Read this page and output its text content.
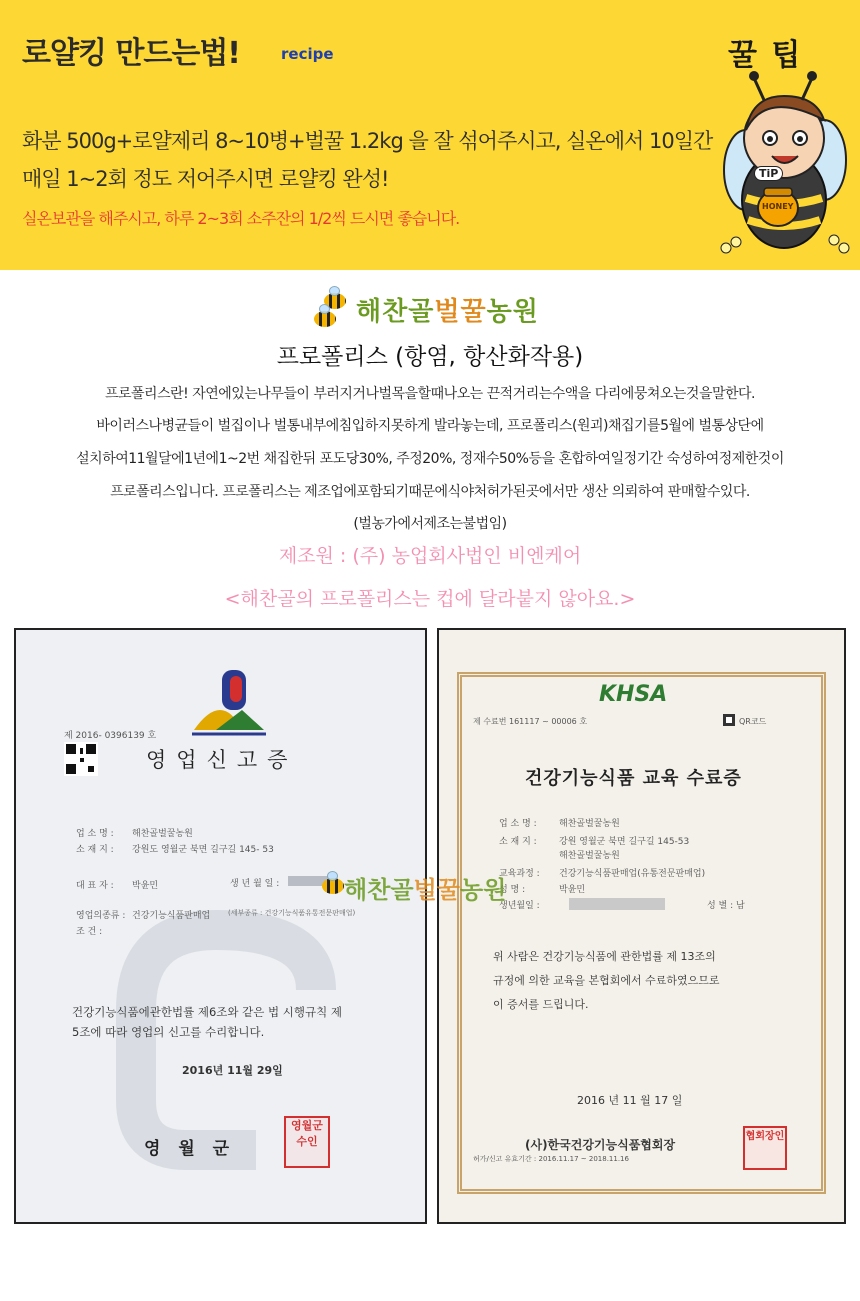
로얄킹 만드는법!	recipe
화분 500g+로얄제리 8~10병+벌꿀 1.2kg 을 잘 섞어주시고, 실온에서 10일간
매일 1~2회 정도 저어주시면 로얄킹 완성!
실온보관을 해주시고, 하루 2~3회 소주잔의 1/2씩 드시면 좋습니다.
꿀 팁
TiP
HONEY
해찬골벌꿀농원
프로폴리스 (항염, 항산화작용)
프로폴리스란! 자연에있는나무들이 부러지거나벌목을할때나오는 끈적거리는수액을 다리에뭉쳐오는것을말한다.
바이러스나병균들이 벌집이나 벌통내부에침입하지못하게 발라놓는데, 프로폴리스(원괴)채집기를5월에 벌통상단에
설치하여11월달에1년에1~2번 채집한뒤 포도당30%, 주정20%, 정재수50%등을 혼합하여일정기간 숙성하여정제한것이
프로폴리스입니다. 프로폴리스는 제조업에포함되기때문에식야처허가된곳에서만 생산 의뢰하여 판매할수있다.
(벌농가에서제조는불법임)
제조원 : (주) 농업회사법인 비엔케어
<해찬골의 프로폴리스는 컵에 달라붙지 않아요.>
제 2016- 0396139 호
영업신고증
업 소 명 : 해찬골벌꿀농원
소 재 지 : 강원도 영월군 북면 길구길 145- 53
대 표 자 : 박윤민	생 년 월 일 :
영업의종류 : 건강기능식품판매업	(세부종류 : 건강기능식품유통전문판매업)
조 건 :
건강기능식품에관한법률 제6조와 같은 법 시행규칙 제
5조에 따라 영업의 신고를 수리합니다.
2016년 11월 29일
영 월 군
영월군수인
KHSA
제 수료번 161117 ~ 00006 호	QR코드
건강기능식품 교육 수료증
업 소 명 : 해찬골벌꿀농원
소 재 지 : 강원 영월군 북면 길구길 145-53
해찬골벌꿀농원
교육과정 : 건강기능식품판매업(유통전문판매업)
성 명 :	박윤민
생년월일 :	성 별 : 남
위 사람은 건강기능식품에 관한법률 제 13조의
규정에 의한 교육을 본협회에서 수료하였으므로
이 증서를 드립니다.
2016 년 11 월 17 일
(사)한국건강기능식품협회장
허가/신고 유효기간 : 2016.11.17 ~ 2018.11.16
협회장인
해찬골벌꿀농원
